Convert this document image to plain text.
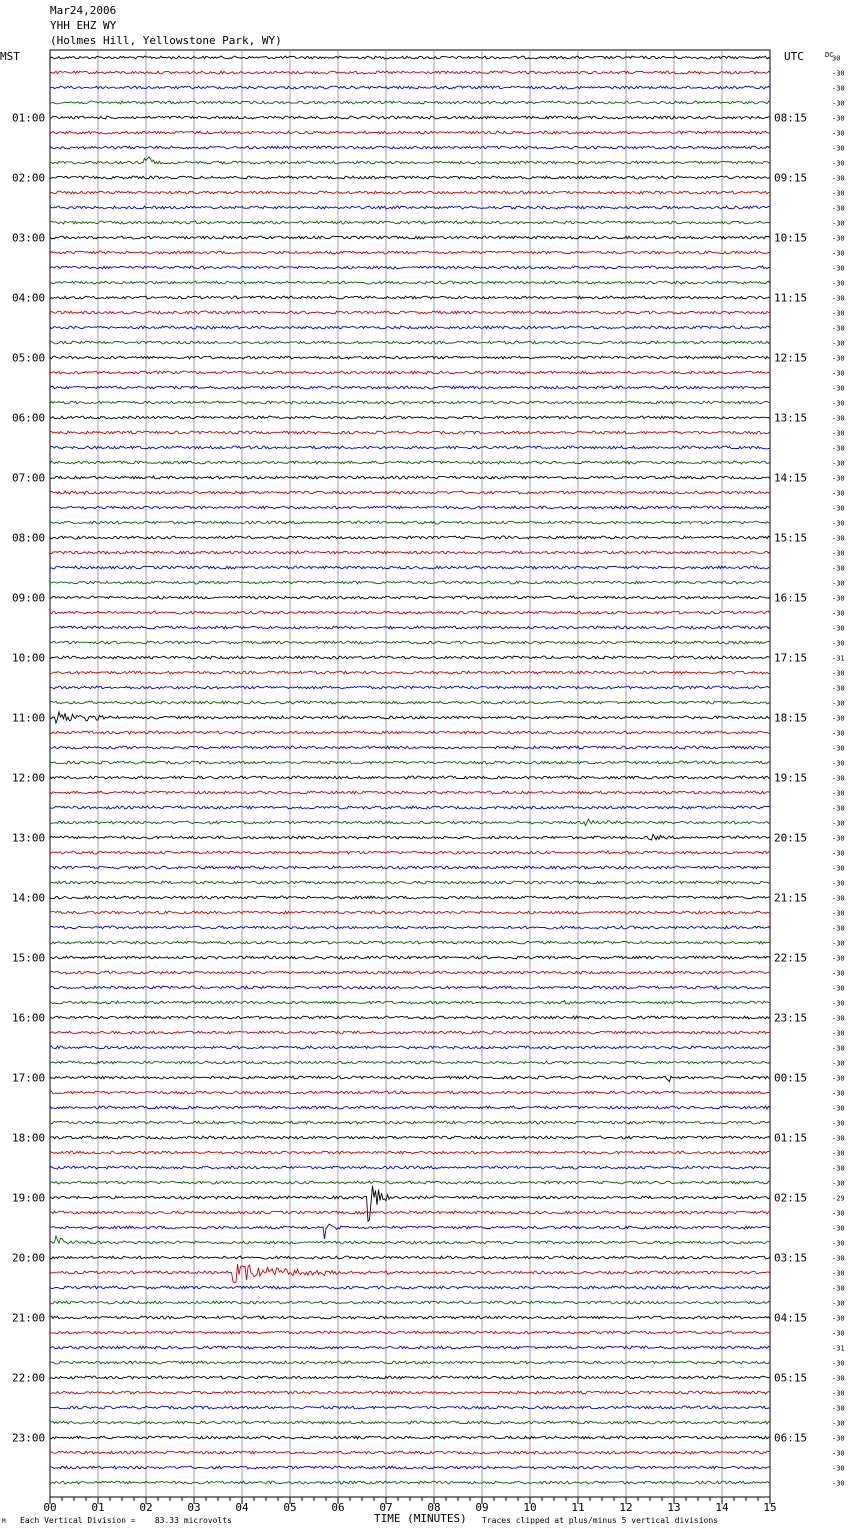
Mar24,2006
YHH EHZ WY
(Holmes Hill, Yellowstone Park, WY)
00	01	02	03	04	05	06	07	08	09	10	11	12	13	14	15
MST	UTC	DC
01:00
02:00
03:00
04:00
05:00
06:00
07:00
08:00
09:00
10:00
11:00
12:00
13:00
14:00
15:00
16:00
17:00
18:00
19:00
20:00
21:00
22:00
23:00
08:15
09:15
10:15
11:15
12:15
13:15
14:15
15:15
16:15
17:15
18:15
19:15
20:15
21:15
22:15
23:15
00:15
01:15
02:15
03:15
04:15
05:15
06:15
30
-30
-30
-30
-30
-30
-30
-30
-30
-30
-30
-30
-30
-30
-30
-30
-30
-30
-30
-30
-30
-30
-30
-30
-30
-30
-30
-30
-30
-30
-30
-30
-30
-30
-30
-30
-30
-30
-30
-30
-31
-30
-30
-30
-30
-30
-30
-30
-30
-30
-30
-30
-30
-30
-30
-30
-30
-30
-30
-30
-30
-30
-30
-30
-30
-30
-30
-30
-30
-30
-30
-30
-30
-30
-30
-30
-29
-30
-30
-30
-30
-30
-30
-30
-30
-30
-31
-30
-30
-30
-30
-30
-30
-30
-30
-30
M Each Vertical Division =    83.33 microvolts	TIME (MINUTES) Traces clipped at plus/minus 5 vertical divisions
